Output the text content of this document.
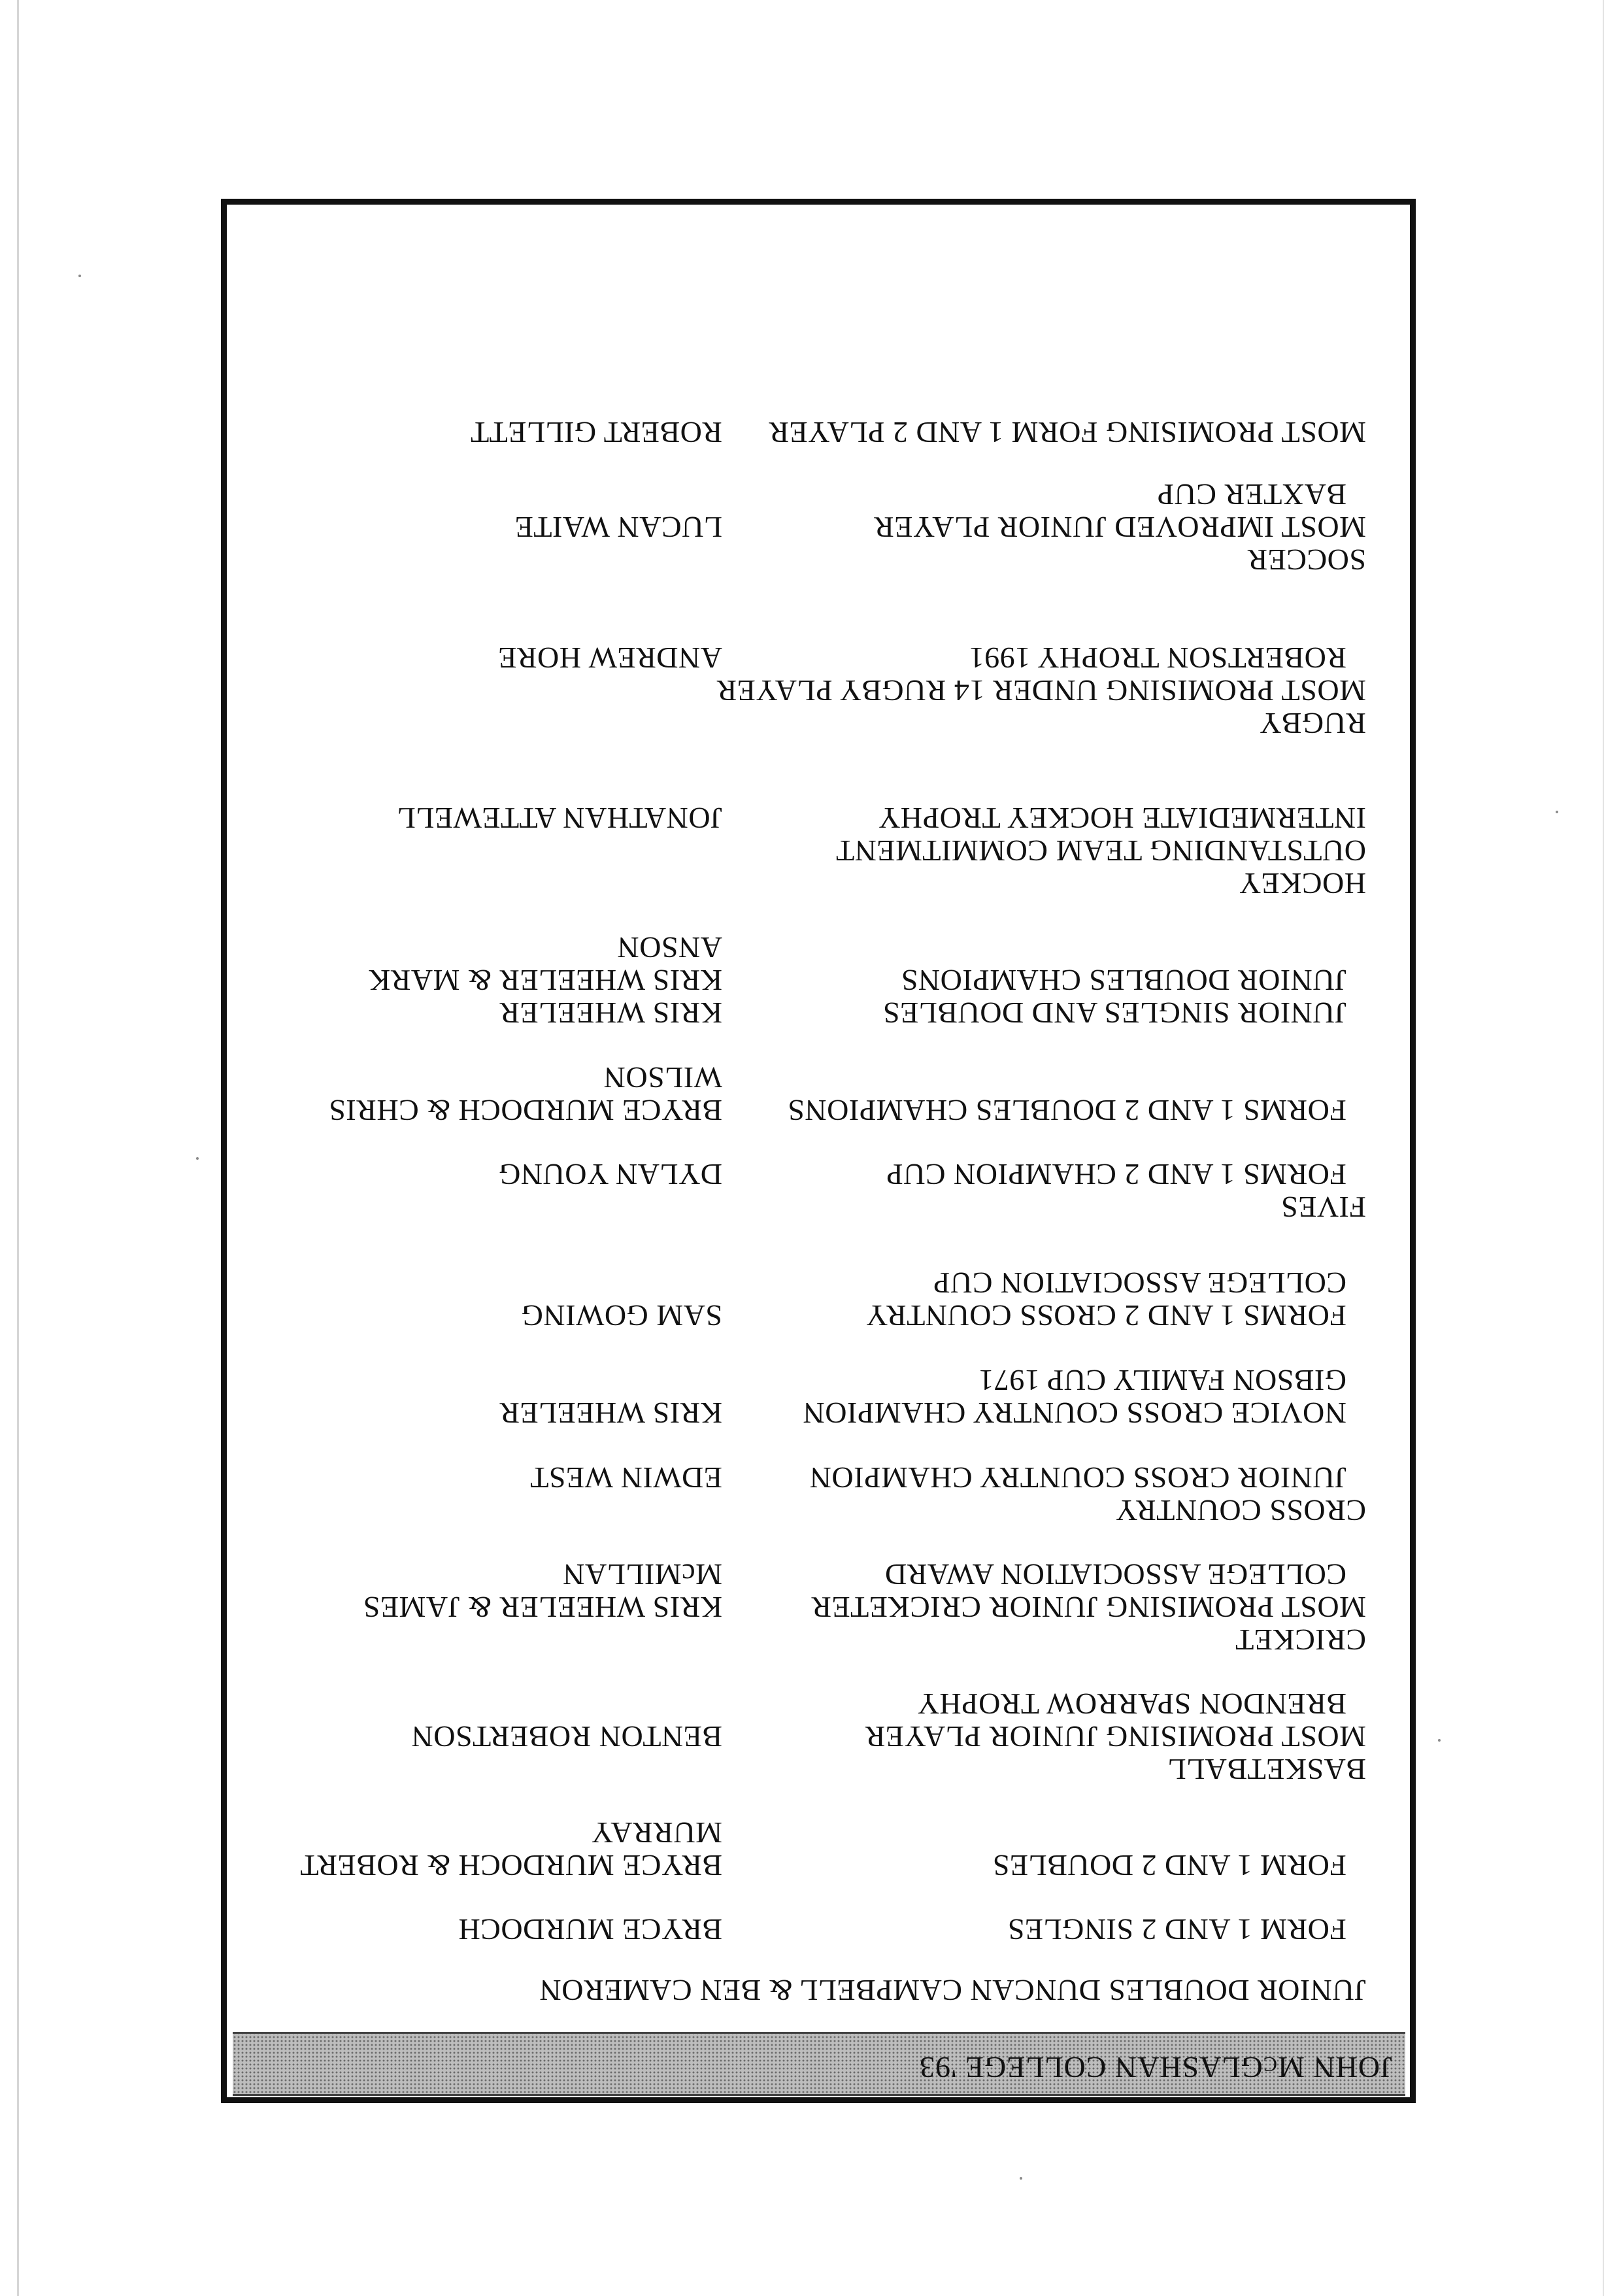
JOHN McGLASHAN COLLEGE '93
JUNIOR DOUBLES DUNCAN CAMPBELL & BEN CAMERON
FORM 1 AND 2 SINGLES
BRYCE MURDOCH
FORM 1 AND 2 DOUBLES
BRYCE MURDOCH & ROBERT
MURRAY
BASKETBALL
MOST PROMISING JUNIOR PLAYER
BENTON ROBERTSON
BRENDON SPARROW TROPHY
CRICKET
MOST PROMISING JUNIOR CRICKETER
KRIS WHEELER & JAMES
COLLEGE ASSOCIATION AWARD
McMILLAN
CROSS COUNTRY
JUNIOR CROSS COUNTRY CHAMPION
EDWIN WEST
NOVICE CROSS COUNTRY CHAMPION
KRIS WHEELER
GIBSON FAMILY CUP 1971
FORMS 1 AND 2 CROSS COUNTRY
SAM GOWING
COLLEGE ASSOCIATION CUP
FIVES
FORMS 1 AND 2 CHAMPION CUP
DYLAN YOUNG
FORMS 1 AND 2 DOUBLES CHAMPIONS
BRYCE MURDOCH & CHRIS
WILSON
JUNIOR SINGLES AND DOUBLES
KRIS WHEELER
JUNIOR DOUBLES CHAMPIONS
KRIS WHEELER & MARK
ANSON
HOCKEY
OUTSTANDING TEAM COMMITMENT
INTERMEDIATE HOCKEY TROPHY
JONATHAN ATTEWELL
RUGBY
MOST PROMISING UNDER 14 RUGBY PLAYER
ROBERTSON TROPHY 1991
ANDREW HORE
SOCCER
MOST IMPROVED JUNIOR PLAYER
LUCAN WAITE
BAXTER CUP
MOST PROMISING FORM 1 AND 2 PLAYER
ROBERT GILLETT
